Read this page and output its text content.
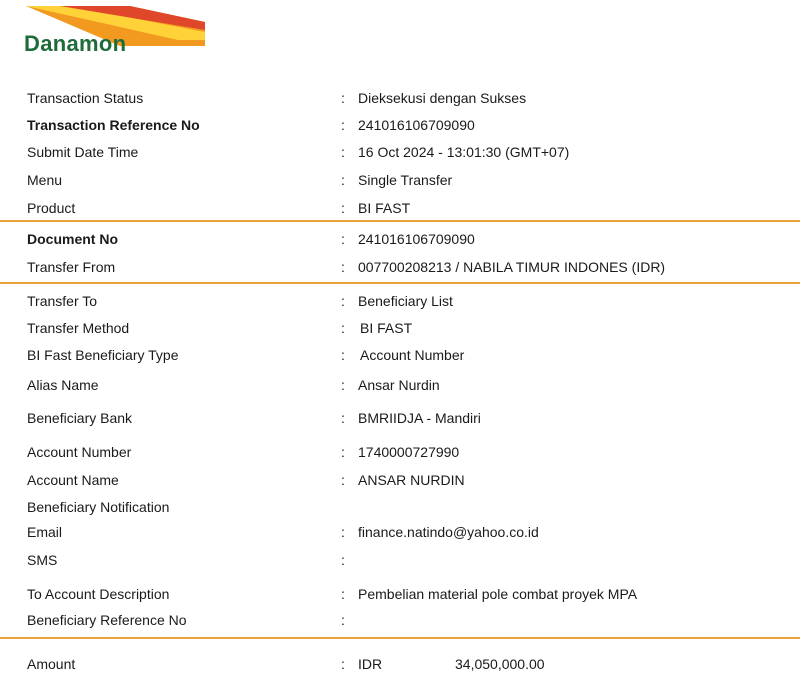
Danamon
Transaction Status	: Dieksekusi dengan Sukses
Transaction Reference No	: 241016106709090
Submit Date Time	: 16 Oct 2024 - 13:01:30 (GMT+07)
Menu	: Single Transfer
Product	: BI FAST
Document No	: 241016106709090
Transfer From	: 007700208213 / NABILA TIMUR INDONES (IDR)
Transfer To	: Beneficiary List
Transfer Method	: BI FAST
BI Fast Beneficiary Type	: Account Number
Alias Name	: Ansar Nurdin
Beneficiary Bank	: BMRIIDJA - Mandiri
Account Number	: 1740000727990
Account Name	: ANSAR NURDIN
Beneficiary Notification
Email	: finance.natindo@yahoo.co.id
SMS	:
To Account Description	: Pembelian material pole combat proyek MPA
Beneficiary Reference No	:
Amount	: IDR	34,050,000.00
